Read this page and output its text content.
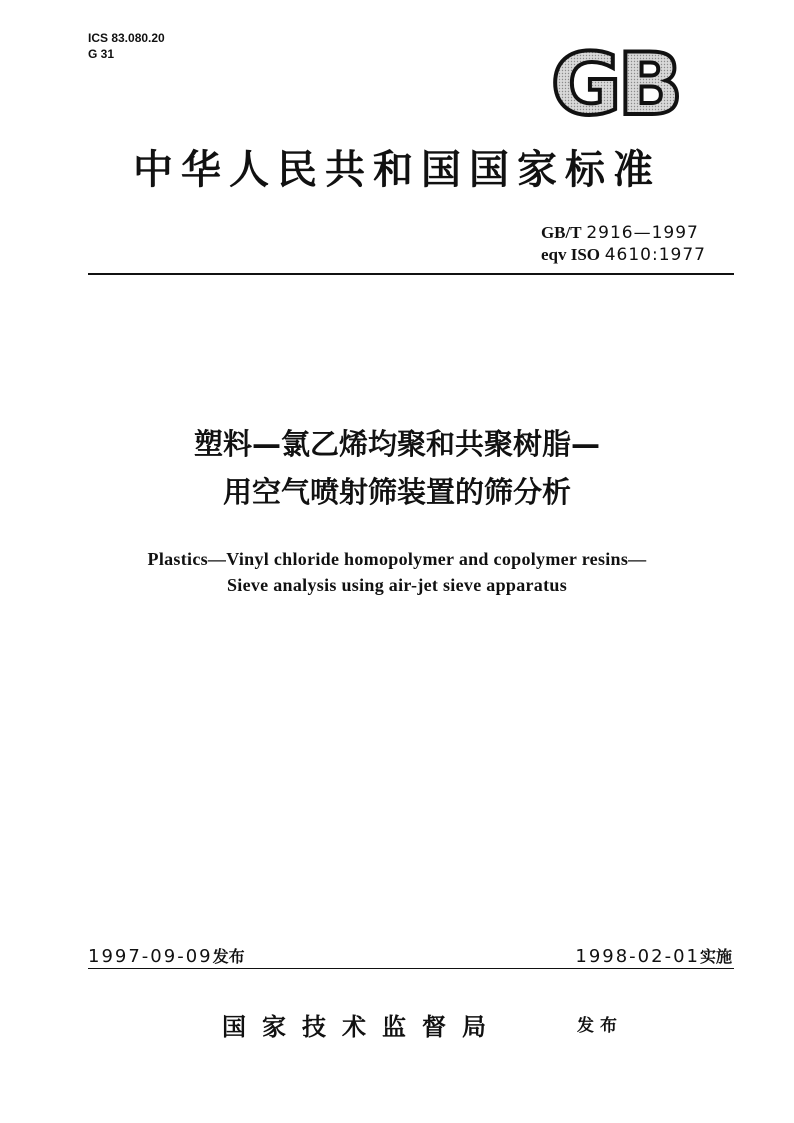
ICS 83.080.20
G 31	GB
中华人民共和国国家标准
GB/T 2916—1997
eqv ISO 4610:1977
塑料—氯乙烯均聚和共聚树脂—
用空气喷射筛装置的筛分析
Plastics—Vinyl chloride homopolymer and copolymer resins—
Sieve analysis using air-jet sieve apparatus
1997-09-09发布	1998-02-01实施
国家技术监督局	发布
